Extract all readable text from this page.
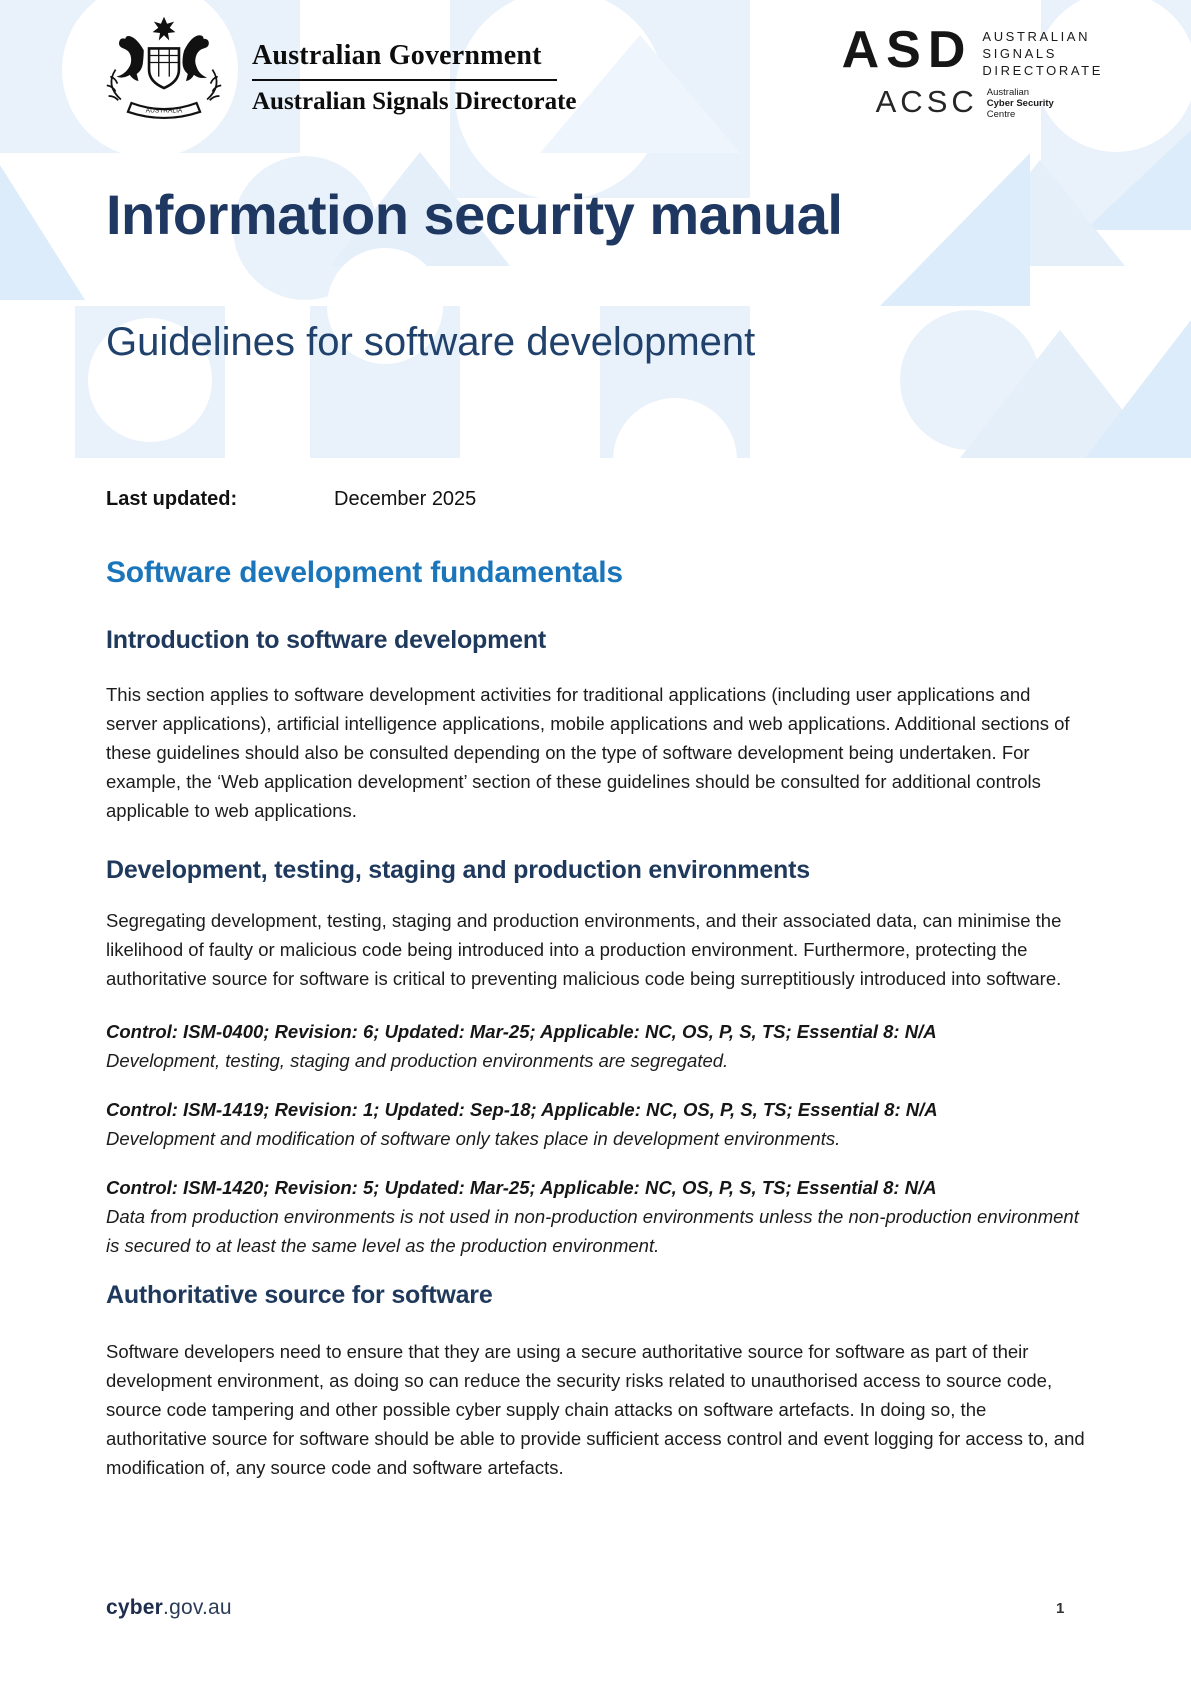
AUSTRALIA
Australian Government
Australian Signals Directorate
ASD AUSTRALIAN
SIGNALS
DIRECTORATE
ACSC Australian
Cyber Security
Centre
Information security manual
Guidelines for software development
Last updated:	December 2025
Software development fundamentals
Introduction to software development

This section applies to software development activities for traditional applications (including user applications and server applications), artificial intelligence applications, mobile applications and web applications. Additional sections of these guidelines should also be consulted depending on the type of software development being undertaken. For example, the ‘Web application development’ section of these guidelines should be consulted for additional controls applicable to web applications.

Development, testing, staging and production environments

Segregating development, testing, staging and production environments, and their associated data, can minimise the likelihood of faulty or malicious code being introduced into a production environment. Furthermore, protecting the authoritative source for software is critical to preventing malicious code being surreptitiously introduced into software.

Control: ISM-0400; Revision: 6; Updated: Mar-25; Applicable: NC, OS, P, S, TS; Essential 8: N/A

Development, testing, staging and production environments are segregated.

Control: ISM-1419; Revision: 1; Updated: Sep-18; Applicable: NC, OS, P, S, TS; Essential 8: N/A

Development and modification of software only takes place in development environments.

Control: ISM-1420; Revision: 5; Updated: Mar-25; Applicable: NC, OS, P, S, TS; Essential 8: N/A

Data from production environments is not used in non-production environments unless the non-production environment is secured to at least the same level as the production environment.

Authoritative source for software

Software developers need to ensure that they are using a secure authoritative source for software as part of their development environment, as doing so can reduce the security risks related to unauthorised access to source code, source code tampering and other possible cyber supply chain attacks on software artefacts. In doing so, the authoritative source for software should be able to provide sufficient access control and event logging for access to, and modification of, any source code and software artefacts.

cyber.gov.au	1
